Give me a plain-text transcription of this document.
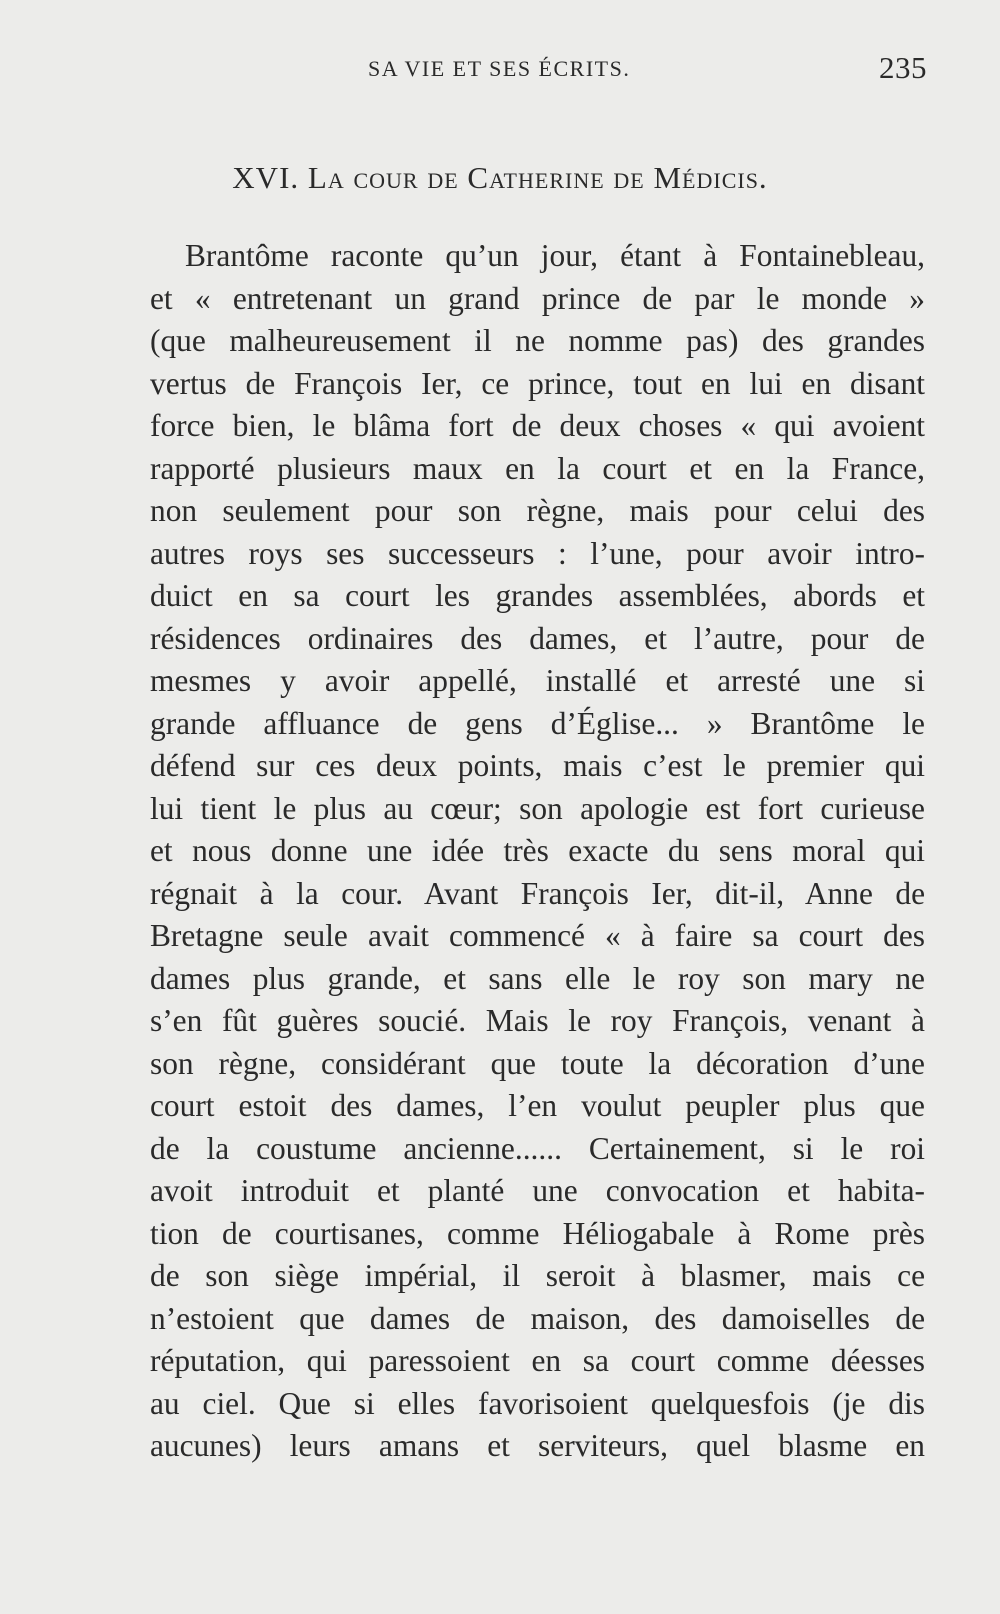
SA VIE ET SES ÉCRITS.	235
XVI. La cour de Catherine de Médicis.
Brantôme raconte qu’un jour, étant à Fontainebleau,
et « entretenant un grand prince de par le monde »
(que malheureusement il ne nomme pas) des grandes
vertus de François Ier, ce prince, tout en lui en disant
force bien, le blâma fort de deux choses « qui avoient
rapporté plusieurs maux en la court et en la France,
non seulement pour son règne, mais pour celui des
autres roys ses successeurs : l’une, pour avoir intro-
duict en sa court les grandes assemblées, abords et
résidences ordinaires des dames, et l’autre, pour de
mesmes y avoir appellé, installé et arresté une si
grande affluance de gens d’Église... » Brantôme le
défend sur ces deux points, mais c’est le premier qui
lui tient le plus au cœur; son apologie est fort curieuse
et nous donne une idée très exacte du sens moral qui
régnait à la cour. Avant François Ier, dit-il, Anne de
Bretagne seule avait commencé « à faire sa court des
dames plus grande, et sans elle le roy son mary ne
s’en fût guères soucié. Mais le roy François, venant à
son règne, considérant que toute la décoration d’une
court estoit des dames, l’en voulut peupler plus que
de la coustume ancienne...... Certainement, si le roi
avoit introduit et planté une convocation et habita-
tion de courtisanes, comme Héliogabale à Rome près
de son siège impérial, il seroit à blasmer, mais ce
n’estoient que dames de maison, des damoiselles de
réputation, qui paressoient en sa court comme déesses
au ciel. Que si elles favorisoient quelquesfois (je dis
aucunes) leurs amans et serviteurs, quel blasme en
